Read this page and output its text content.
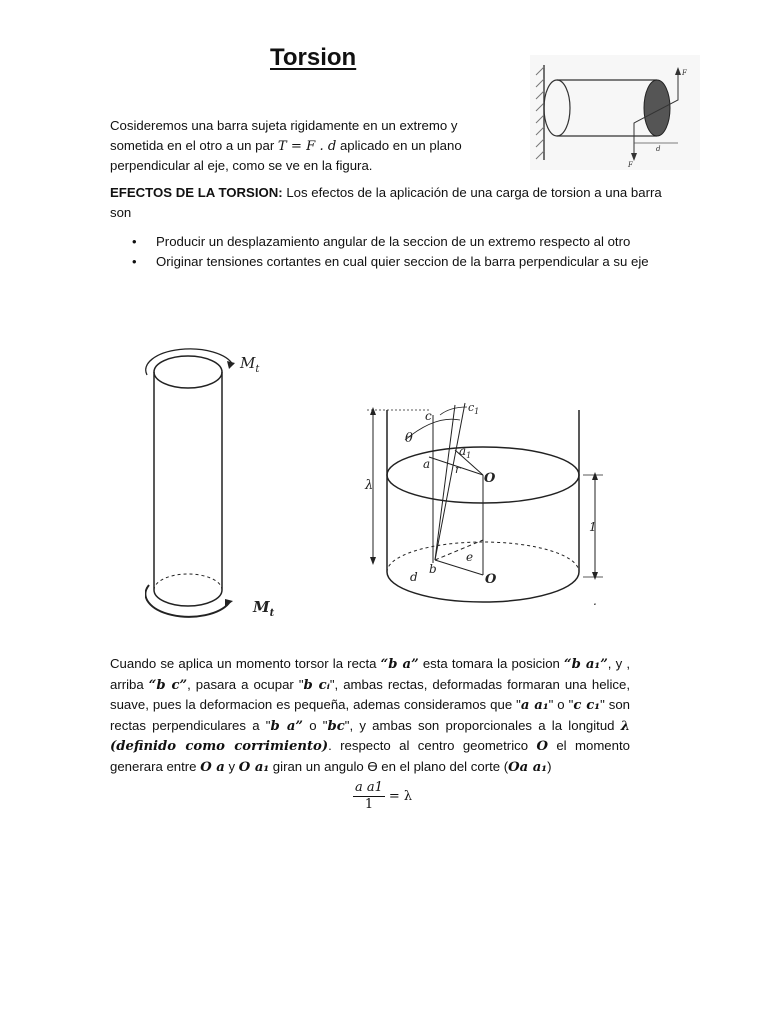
Torsion
Cosideremos una barra sujeta rigidamente en un extremo y sometida en el otro a un par T = F . d aplicado en un plano perpendicular al eje, como se ve en la figura.
F
F
d
EFECTOS DE LA TORSION: Los efectos de la aplicación de una carga de torsion a una barra son
• Producir un desplazamiento angular de la seccion de un extremo respecto al otro
• Originar tensiones cortantes en cual quier seccion de la barra perpendicular a su eje
$M_t$
$M_t$
λ
1
.
c
$c_1$
θ
$a_1$
a r
O
e
b
d	O
Cuando se aplica un momento torsor la recta “b a” esta tomara la posicion “b a₁”, y , arriba “b c”, pasara a ocupar "b cᵢ", ambas rectas, deformadas formaran una helice, suave, pues la deformacion es pequeña, ademas consideramos que "a a₁" o "c c₁" son rectas perpendiculares a "b a” o "bc", y ambas son proporcionales a la longitud λ (definido como corrimiento). respecto al centro geometrico O el momento generara entre O a y O a₁ giran un angulo ϴ en el plano del corte (Oa a₁)
$\frac{\text{a a1}}{1} = \lambda$
